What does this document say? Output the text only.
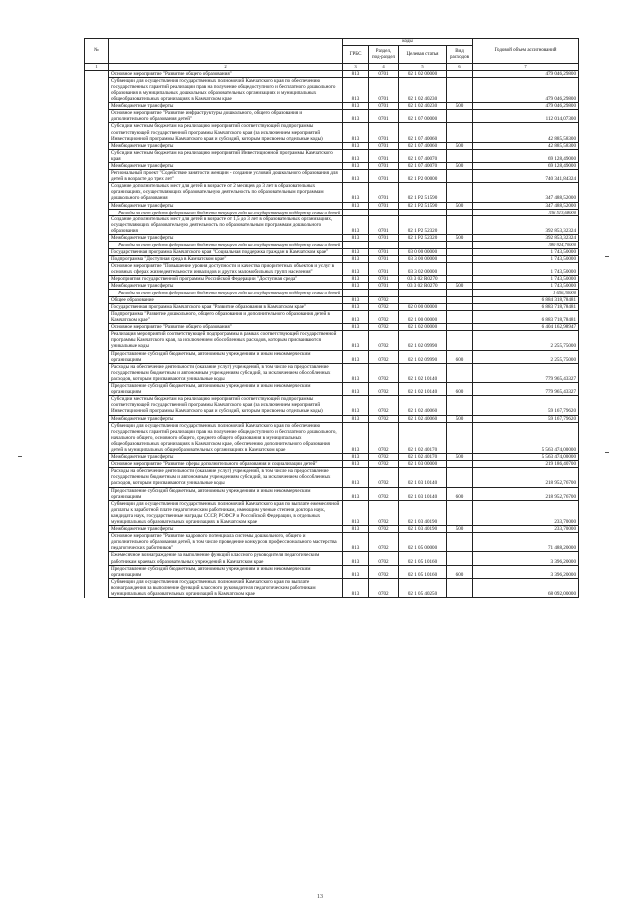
№		коды				Годовой объем ассигнований
		ГРБС	Раздел, под-раздел	Целевая статья	Вид расходов	
1	2	3	4	5	6	7
	Основное мероприятие "Развитие общего образования"	813	0701	02 1 02 00000		479 046,29800
	Субвенции для осуществления государственных полномочий Камчатского края по обеспечению государственных гарантий реализации прав на получение общедоступного и бесплатного дошкольного образования в муниципальных дошкольных образовательных организациях и муниципальных общеобразовательных организациях в Камчатском крае	813	0701	02 1 02 40230		479 046,29800
	Межбюджетные трансферты	813	0701	02 1 02 40230	500	479 046,29800
	Основное мероприятие "Развитие инфраструктуры дошкольного, общего образования и дополнительного образования детей"	813	0701	02 1 07 00000		112 014,07300
	Субсидии местным бюджетам на реализацию мероприятий соответствующей подпрограммы соответствующей государственной программы Камчатского края (за исключением мероприятий Инвестиционной программы Камчатского края и субсидий, которым присвоены отдельные коды)	813	0701	02 1 07 40060		42 885,58300
	Межбюджетные трансферты	813	0701	02 1 07 40060	500	42 885,58300
	Субсидии местным бюджетам на реализацию мероприятий Инвестиционной программы Камчатского края	813	0701	02 1 07 40070		69 128,49000
	Межбюджетные трансферты	813	0701	02 1 07 40070	500	69 128,49000
	Региональный проект "Содействие занятости женщин - создание условий дошкольного образования для детей в возрасте до трех лет"	813	0701	02 1 P2 00000		740 341,84324
	Создание дополнительных мест для детей в возрасте от 2 месяцев до 3 лет в образовательных организациях, осуществляющих образовательную деятельность по образовательным программам дошкольного образования	813	0701	02 1 P2 51590		347 488,52000
	Межбюджетные трансферты	813	0701	02 1 P2 51590	500	347 488,52000
	Расходы за счет средств федерального бюджета текущего года на государственную поддержку семьи и детей					336 513,68000
	Создание дополнительных мест для детей в возрасте от 1,5 до 3 лет в образовательных организациях, осуществляющих образовательную деятельность по образовательным программам дошкольного образования	813	0701	02 1 P2 52320		392 853,32324
	Межбюджетные трансферты	813	0701	02 1 P2 52320	500	392 853,32324
	Расходы за счет средств федерального бюджета текущего года на государственную поддержку семьи и детей					380 924,70000
	Государственная программа Камчатского края "Социальная поддержка граждан в Камчатском крае"	813	0701	03 0 00 00000		1 743,50000
	Подпрограмма "Доступная среда в Камчатском крае"	813	0701	03 3 00 00000		1 743,50000
	Основное мероприятие "Повышение уровня доступности и качества приоритетных объектов и услуг в основных сферах жизнедеятельности инвалидов и других маломобильных групп населения"	813	0701	03 3 02 00000		1 743,50000
	Мероприятия государственной программы Российской Федерации "Доступная среда"	813	0701	03 3 02 R0270		1 743,50000
	Межбюджетные трансферты	813	0701	03 3 02 R0270	500	1 743,50000
	Расходы за счет средств федерального бюджета текущего года на государственную поддержку семьи и детей					1 656,30000
	Общее образование	813	0702			6 884 318,78481
	Государственная программа Камчатского края "Развитие образования в Камчатском крае"	813	0702	02 0 00 00000		6 883 718,78481
	Подпрограмма "Развитие дошкольного, общего образования и дополнительного образования детей в Камчатском крае"	813	0702	02 1 00 00000		6 883 718,78481
	Основное мероприятие "Развитие общего образования"	813	0702	02 1 02 00000		6 404 162,98947
	Реализация мероприятий соответствующей подпрограммы в рамках соответствующей государственной программы Камчатского края, за исключением обособленных расходов, которым присваиваются уникальные коды	813	0702	02 1 02 09990		2 255,75000
	Предоставление субсидий бюджетным, автономным учреждениям и иным некоммерческим организациям	813	0702	02 1 02 09990	600	2 255,75000
	Расходы на обеспечение деятельности (оказание услуг) учреждений, в том числе на предоставление государственным бюджетным и автономным учреждениям субсидий, за исключением обособленных расходов, которым присваиваются уникальные коды	813	0702	02 1 02 10140		779 965,43327
	Предоставление субсидий бюджетным, автономным учреждениям и иным некоммерческим организациям	813	0702	02 1 02 10140	600	779 965,43327
	Субсидии местным бюджетам на реализацию мероприятий соответствующей подпрограммы соответствующей государственной программы Камчатского края (за исключением мероприятий Инвестиционной программы Камчатского края и субсидий, которым присвоены отдельные коды)	813	0702	02 1 02 40060		59 167,79620
	Межбюджетные трансферты	813	0702	02 1 02 40060	500	59 167,79620
	Субвенции для осуществления государственных полномочий Камчатского края по обеспечению государственных гарантий реализации прав на получение общедоступного и бесплатного дошкольного, начального общего, основного общего, среднего общего образования в муниципальных общеобразовательных организациях в Камчатском крае, обеспечению дополнительного образования детей в муниципальных общеобразовательных организациях в Камчатском крае	813	0702	02 1 02 40170		5 563 474,00000
	Межбюджетные трансферты	813	0702	02 1 02 40170	500	5 563 474,00000
	Основное мероприятие "Развитие сферы дополнительного образования и социализации детей"	813	0702	02 1 03 00000		219 186,40700
	Расходы на обеспечение деятельности (оказание услуг) учреждений, в том числе на предоставление государственным бюджетным и автономным учреждениям субсидий, за исключением обособленных расходов, которым присваиваются уникальные коды	813	0702	02 1 03 10140		218 952,76700
	Предоставление субсидий бюджетным, автономным учреждениям и иным некоммерческим организациям	813	0702	02 1 03 10140	600	218 952,76700
	Субвенции для осуществления государственных полномочий Камчатского края по выплате ежемесячной доплаты к заработной плате педагогическим работникам, имеющим ученые степени доктора наук, кандидата наук, государственные награды СССР, РСФСР и Российской Федерации, в отдельных муниципальных образовательных организациях в Камчатском крае	813	0702	02 1 03 40190		233,70000
	Межбюджетные трансферты	813	0702	02 1 03 40190	500	233,70000
	Основное мероприятие "Развитие кадрового потенциала системы дошкольного, общего и дополнительного образования детей, в том числе проведение конкурсов профессионального мастерства педагогических работников"	813	0702	02 1 05 00000		71 488,20000
	Ежемесячное вознаграждение за выполнение функций классного руководителя педагогическим работникам краевых образовательных учреждений в Камчатском крае	813	0702	02 1 05 10160		3 396,20000
	Предоставление субсидий бюджетным, автономным учреждениям и иным некоммерческим организациям	813	0702	02 1 05 10160	600	3 396,20000
	Субвенции для осуществления государственных полномочий Камчатского края по выплате вознаграждения за выполнение функций классного руководителя педагогическим работникам муниципальных образовательных организаций в Камчатском крае	813	0702	02 1 05 40250		68 092,00000
13
